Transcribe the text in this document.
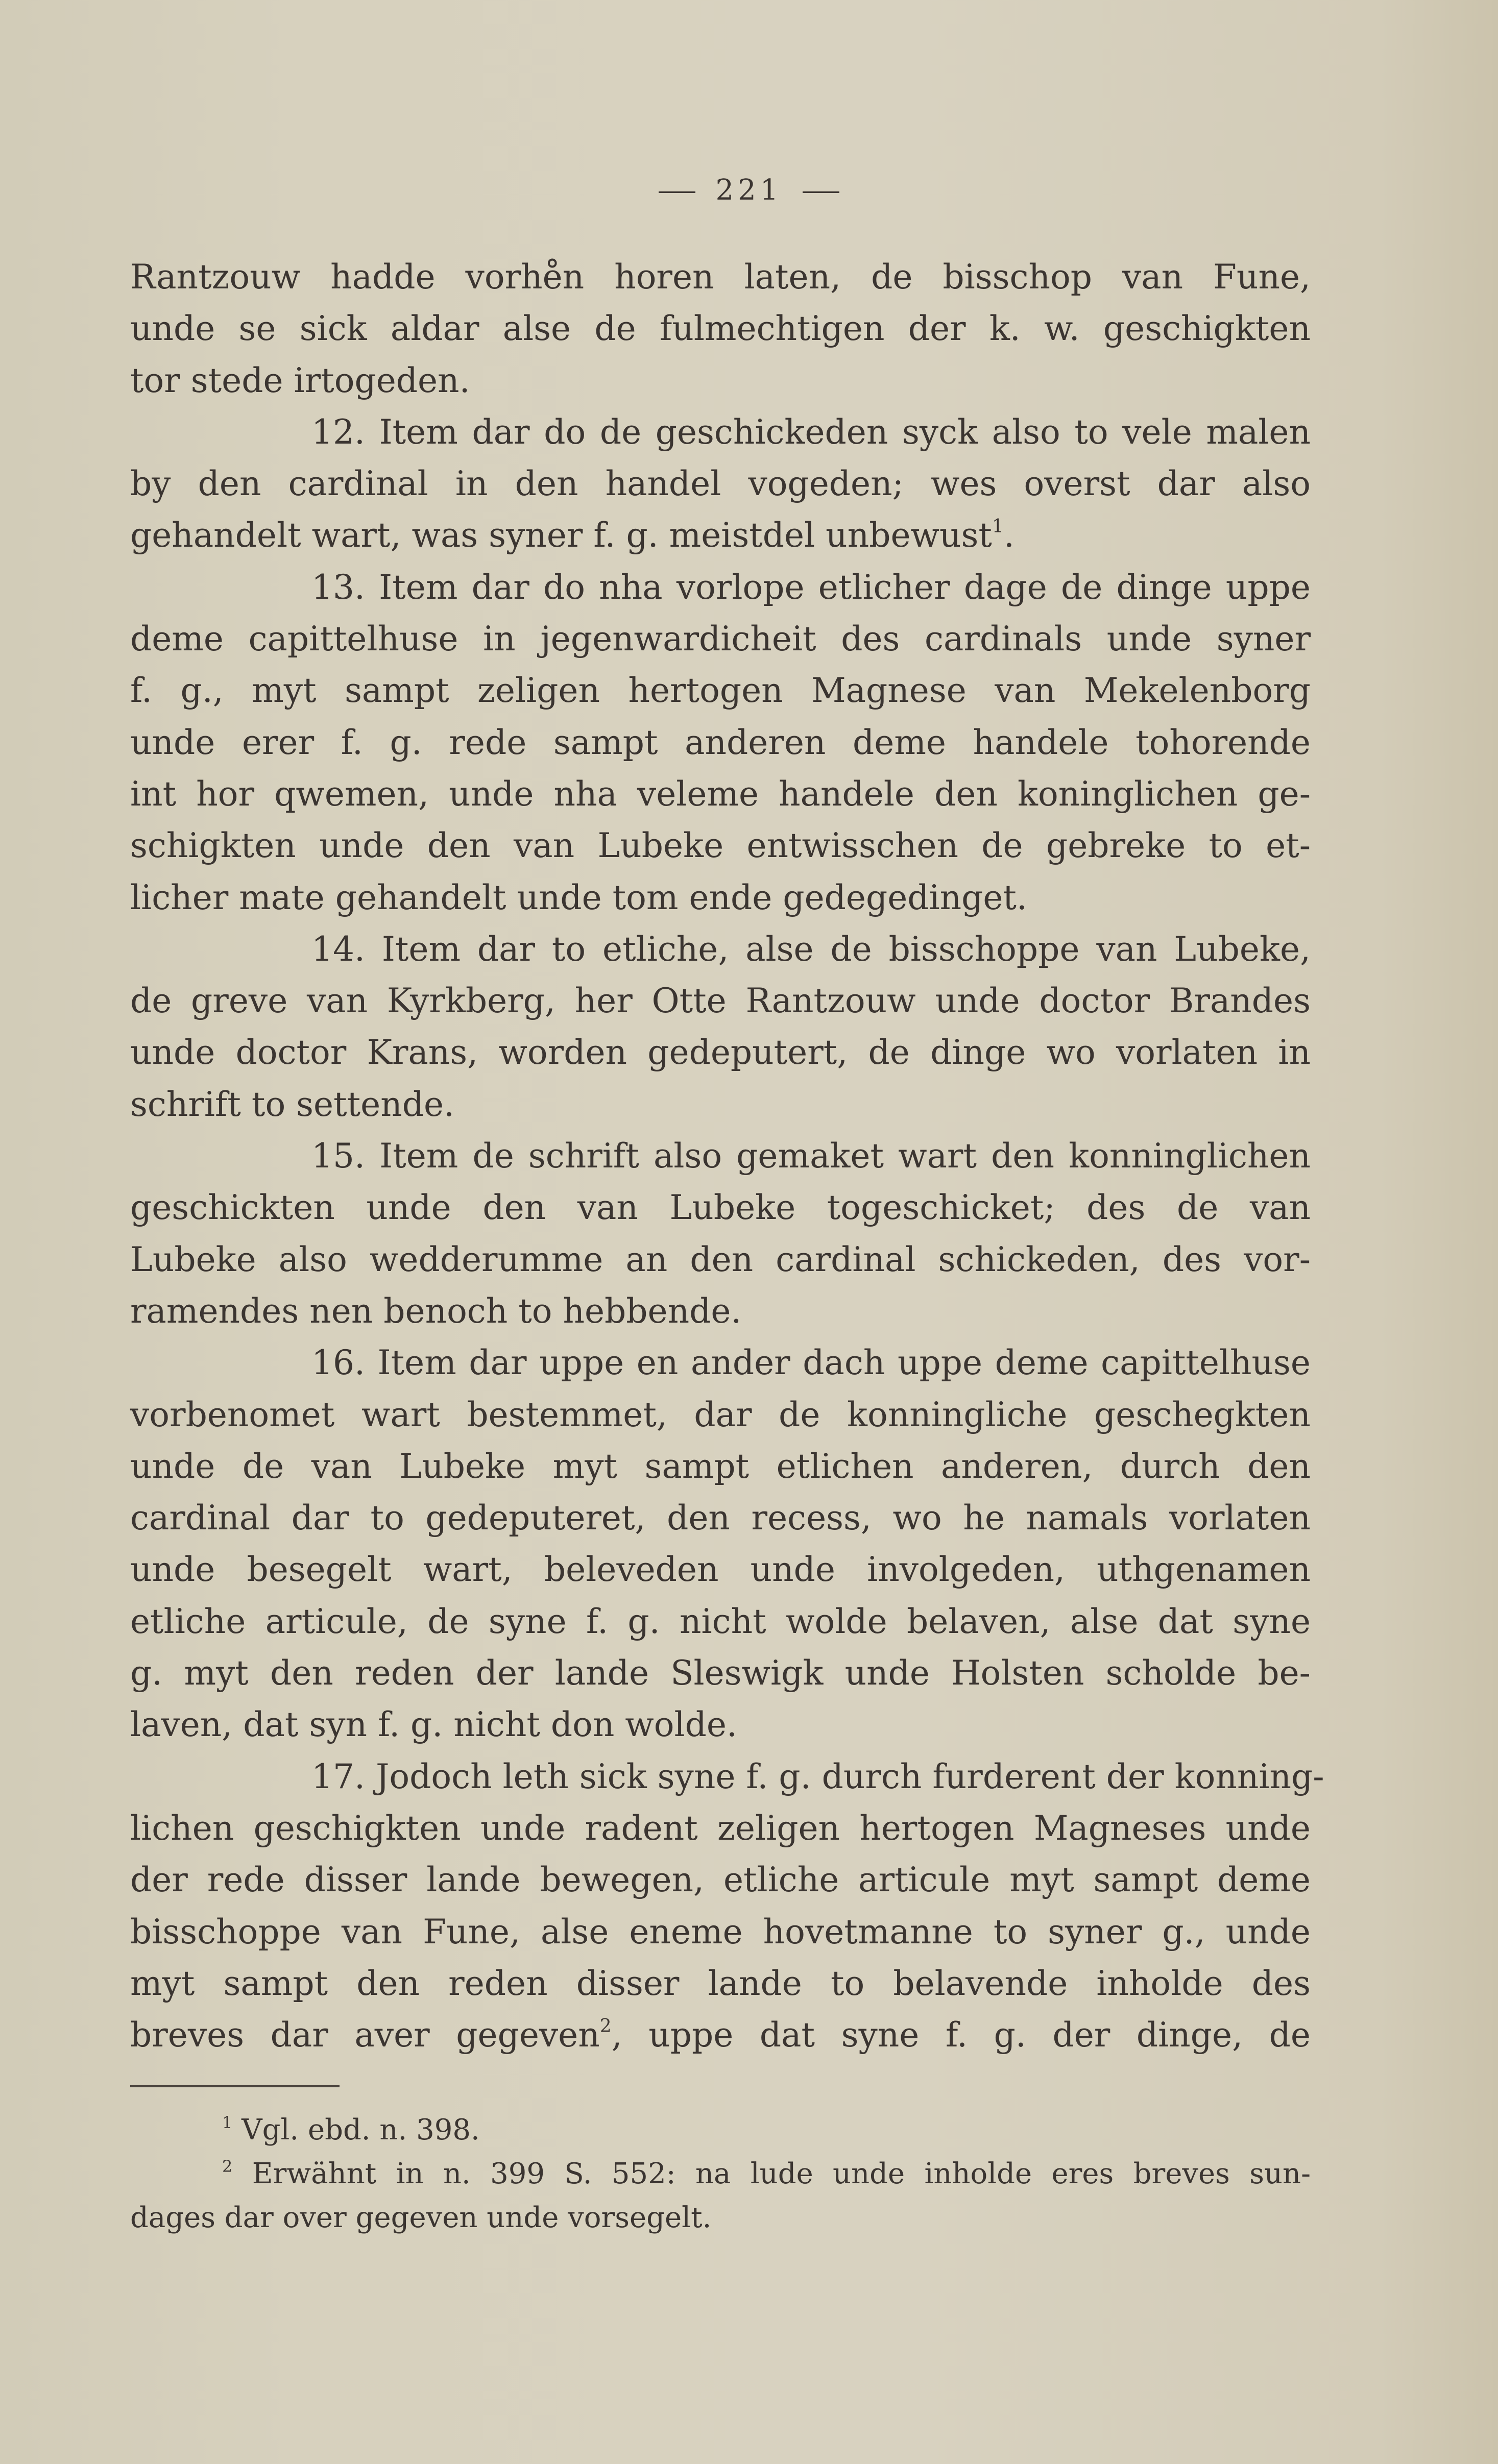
221
Rantzouw hadde vorhe̊n horen laten, de bisschop van Fune,
unde se sick aldar alse de fulmechtigen der k. w. geschigkten
tor stede irtogeden.
12. Item dar do de geschickeden syck also to vele malen
by den cardinal in den handel vogeden; wes overst dar also
gehandelt wart, was syner f. g. meistdel unbewust$^1$.
13. Item dar do nha vorlope etlicher dage de dinge uppe
deme capittelhuse in jegenwardicheit des cardinals unde syner
f. g., myt sampt zeligen hertogen Magnese van Mekelenborg
unde erer f. g. rede sampt anderen deme handele tohorende
int hor qwemen, unde nha veleme handele den koninglichen ge-
schigkten unde den van Lubeke entwisschen de gebreke to et-
licher mate gehandelt unde tom ende gedegedinget.
14. Item dar to etliche, alse de bisschoppe van Lubeke,
de greve van Kyrkberg, her Otte Rantzouw unde doctor Brandes
unde doctor Krans, worden gedeputert, de dinge wo vorlaten in
schrift to settende.
15. Item de schrift also gemaket wart den konninglichen
geschickten unde den van Lubeke togeschicket; des de van
Lubeke also wedderumme an den cardinal schickeden, des vor-
ramendes nen benoch to hebbende.
16. Item dar uppe en ander dach uppe deme capittelhuse
vorbenomet wart bestemmet, dar de konningliche geschegkten
unde de van Lubeke myt sampt etlichen anderen, durch den
cardinal dar to gedeputeret, den recess, wo he namals vorlaten
unde besegelt wart, beleveden unde involgeden, uthgenamen
etliche articule, de syne f. g. nicht wolde belaven, alse dat syne
g. myt den reden der lande Sleswigk unde Holsten scholde be-
laven, dat syn f. g. nicht don wolde.
17. Jodoch leth sick syne f. g. durch furderent der konning-
lichen geschigkten unde radent zeligen hertogen Magneses unde
der rede disser lande bewegen, etliche articule myt sampt deme
bisschoppe van Fune, alse eneme hovetmanne to syner g., unde
myt sampt den reden disser lande to belavende inholde des
breves dar aver gegeven$^2$, uppe dat syne f. g. der dinge, de
$^1$ Vgl. ebd. n. 398.
$^2$ Erwähnt in n. 399 S. 552: na lude unde inholde eres breves sun-
dages dar over gegeven unde vorsegelt.
